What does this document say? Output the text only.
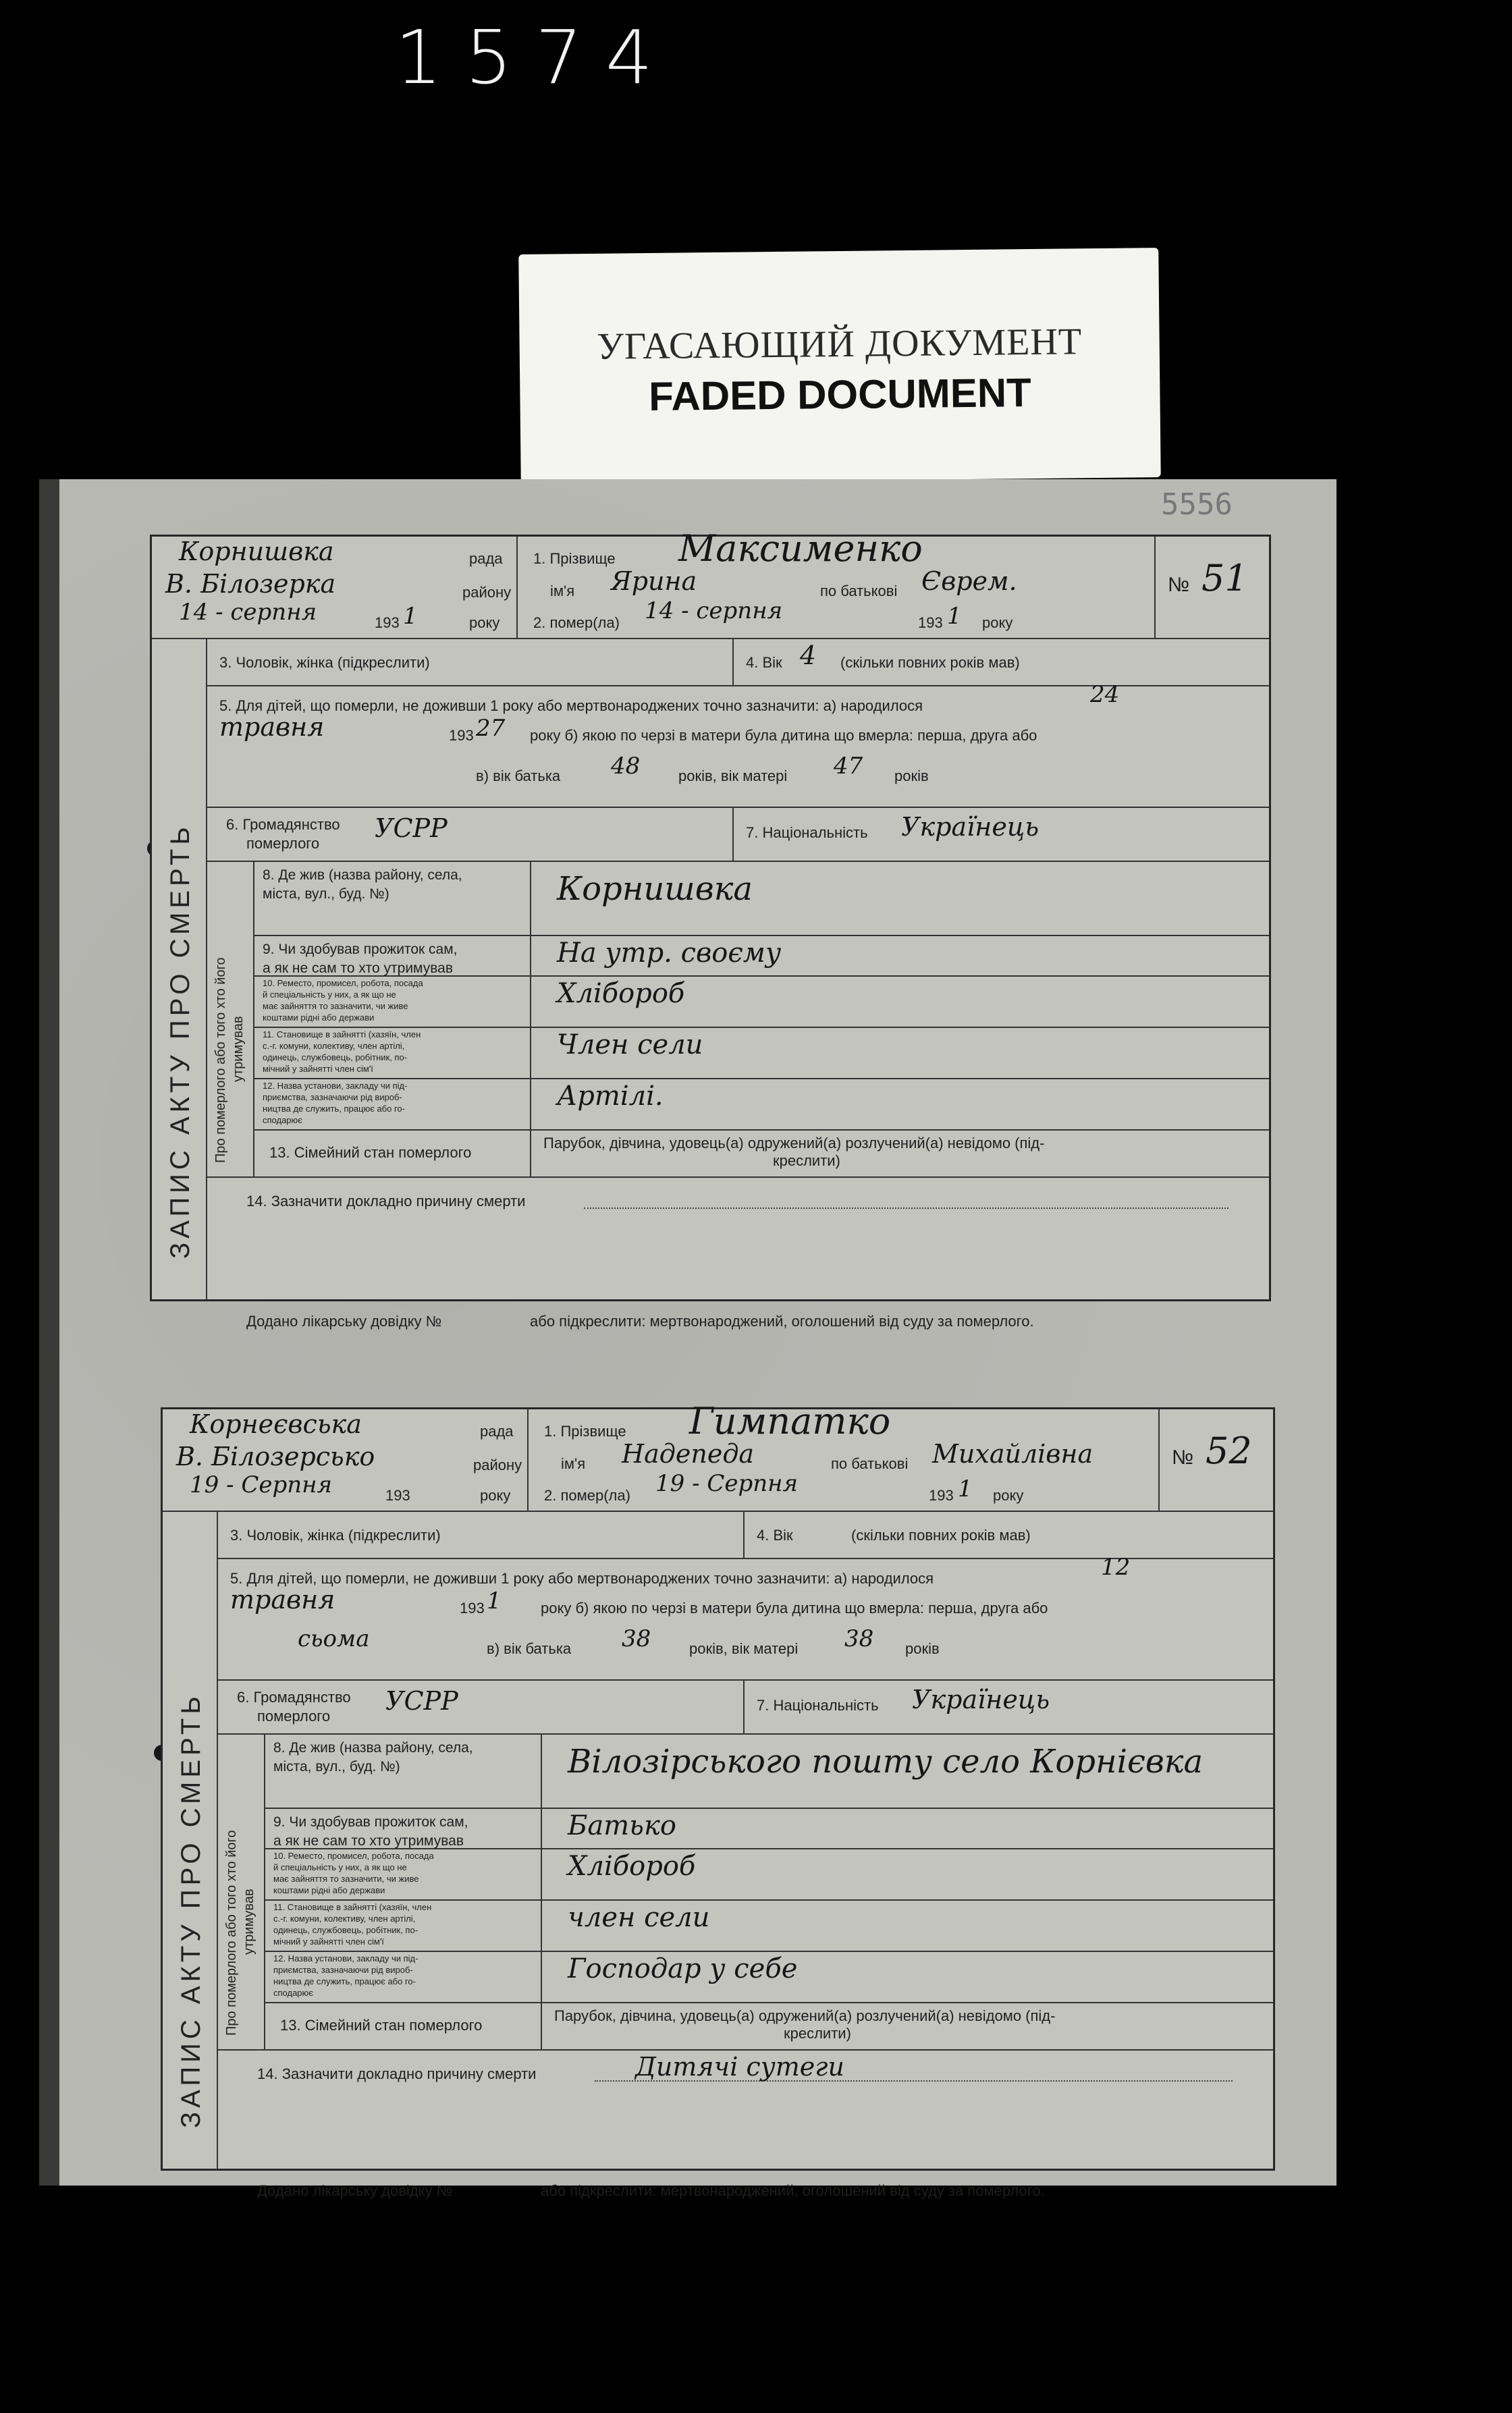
1574
УГАСАЮЩИЙ ДОКУМЕНТ
FADED DOCUMENT
5556
Корнишвка	рада
В. Білозерка	району
14 - серпня	193 1	року
1. Прізвище Максименко
ім'я Ярина	по батькові Єврем.
2. помер(ла) 14 - серпня	193 1 року
№ 51
ЗАПИС АКТУ ПРО СМЕРТЬ
3. Чоловік, жінка (підкреслити)	4. Вік 4 (скільки повних років мав)
5. Для дітей, що померли, не доживши 1 року або мертвонароджених точно зазначити: а) народилося	24
травня	193 27 року б) якою по черзі в матери була дитина що вмерла: перша, друга або
в) вік батька 48	років, вік матері 47 років
6. Громадянство
померлого
УСРР	7. Національність Українець
Про померлого або того хто його утримував
8. Де жив (назва району, села,
міста, вул., буд. №)	Корнишвка
9. Чи здобував прожиток сам,
а як не сам то хто утримував	На утр. своєму
10. Реместо, промисел, робота, посада
й спеціальність у них, а як що не
має зайняття то зазначити, чи живе
коштами рідні або держави
Хлібороб
11. Становище в зайнятті (хазяїн, член
с.-г. комуни, колективу, член артілі,
одинець, службовець, робітник, по-
мічний у зайнятті член сім'ї
Член сели
12. Назва установи, закладу чи під-
приємства, зазначаючи рід вироб-
ництва де служить, працює або го-
сподарює
Артілі.
13. Сімейний стан померлого
Парубок, дівчина, удовець(а) одружений(а) розлучений(а) невідомо (під-
креслити)
14. Зазначити докладно причину смерти
Додано лікарську довідку №	або підкреслити: мертвонароджений, оголошений від суду за померлого.
Корнеєвська	рада
В. Білозерсько	району
19 - Серпня	193	року
1. Прізвище Гимпатко
ім'я Надепеда	по батькові Михайлівна
2. помер(ла) 19 - Серпня	193 1 року
№ 52
ЗАПИС АКТУ ПРО СМЕРТЬ
3. Чоловік, жінка (підкреслити)	4. Вік	(скільки повних років мав)
5. Для дітей, що померли, не доживши 1 року або мертвонароджених точно зазначити: а) народилося	12
травня	193 1	року б) якою по черзі в матери була дитина що вмерла: перша, друга або
сьома	в) вік батька 38	років, вік матері 38 років
6. Громадянство
померлого
УСРР	7. Національність Українець
Про померлого або того хто його утримував
8. Де жив (назва району, села,
міста, вул., буд. №)	Вілозірського пошту село Корнієвка
9. Чи здобував прожиток сам,
а як не сам то хто утримував	Батько
10. Реместо, промисел, робота, посада
й спеціальність у них, а як що не
має зайняття то зазначити, чи живе
коштами рідні або держави
Хлібороб
11. Становище в зайнятті (хазяїн, член
с.-г. комуни, колективу, член артілі,
одинець, службовець, робітник, по-
мічний у зайнятті член сім'ї
член сели
12. Назва установи, закладу чи під-
приємства, зазначаючи рід вироб-
ництва де служить, працює або го-
сподарює
Господар у себе
13. Сімейний стан померлого
Парубок, дівчина, удовець(а) одружений(а) розлучений(а) невідомо (під-
креслити)
14. Зазначити докладно причину смерти	Дитячі сутеги
Додано лікарську довідку №	або підкреслити: мертвонароджений, оголошений від суду за померлого.
